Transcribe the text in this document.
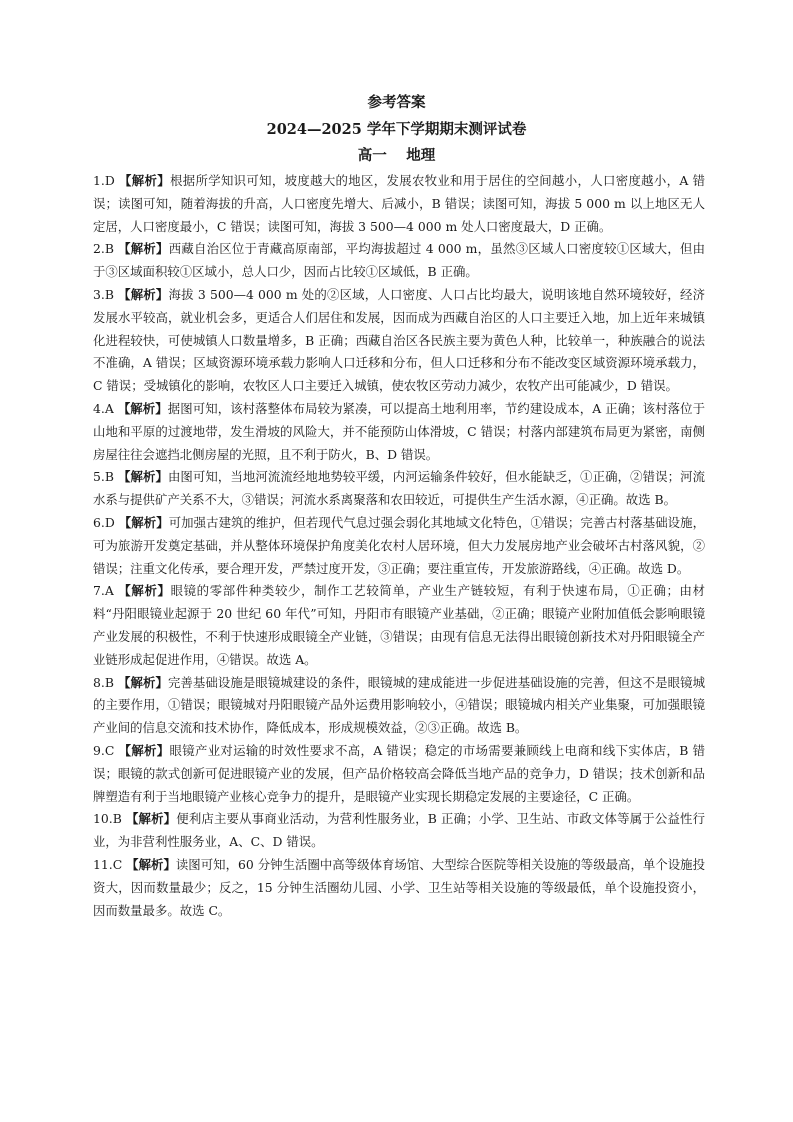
参考答案
2024—2025 学年下学期期末测评试卷
高一　 地理

1.D 【解析】根据所学知识可知，坡度越大的地区，发展农牧业和用于居住的空间越小，人口密度越小，A 错误；读图可知，随着海拔的升高，人口密度先增大、后减小，B 错误；读图可知，海拔 5 000 m 以上地区无人定居，人口密度最小，C 错误；读图可知，海拔 3 500—4 000 m 处人口密度最大，D 正确。

2.B 【解析】西藏自治区位于青藏高原南部，平均海拔超过 4 000 m，虽然③区域人口密度较①区域大，但由于③区域面积较①区域小，总人口少，因而占比较①区域低，B 正确。

3.B 【解析】海拔 3 500—4 000 m 处的②区域，人口密度、人口占比均最大，说明该地自然环境较好，经济发展水平较高，就业机会多，更适合人们居住和发展，因而成为西藏自治区的人口主要迁入地，加上近年来城镇化进程较快，可使城镇人口数量增多，B 正确；西藏自治区各民族主要为黄色人种，比较单一，种族融合的说法不准确，A 错误；区域资源环境承载力影响人口迁移和分布，但人口迁移和分布不能改变区域资源环境承载力，C 错误；受城镇化的影响，农牧区人口主要迁入城镇，使农牧区劳动力减少，农牧产出可能减少，D 错误。

4.A 【解析】据图可知，该村落整体布局较为紧凑，可以提高土地利用率，节约建设成本，A 正确；该村落位于山地和平原的过渡地带，发生滑坡的风险大，并不能预防山体滑坡，C 错误；村落内部建筑布局更为紧密，南侧房屋往往会遮挡北侧房屋的光照，且不利于防火，B、D 错误。

5.B 【解析】由图可知，当地河流流经地地势较平缓，内河运输条件较好，但水能缺乏，①正确，②错误；河流水系与提供矿产关系不大，③错误；河流水系离聚落和农田较近，可提供生产生活水源，④正确。故选 B。

6.D 【解析】可加强古建筑的维护，但若现代气息过强会弱化其地域文化特色，①错误；完善古村落基础设施，可为旅游开发奠定基础，并从整体环境保护角度美化农村人居环境，但大力发展房地产业会破坏古村落风貌，②错误；注重文化传承，要合理开发，严禁过度开发，③正确；要注重宣传，开发旅游路线，④正确。故选 D。

7.A 【解析】眼镜的零部件种类较少，制作工艺较简单，产业生产链较短，有利于快速布局，①正确；由材料“丹阳眼镜业起源于 20 世纪 60 年代”可知，丹阳市有眼镜产业基础，②正确；眼镜产业附加值低会影响眼镜产业发展的积极性，不利于快速形成眼镜全产业链，③错误；由现有信息无法得出眼镜创新技术对丹阳眼镜全产业链形成起促进作用，④错误。故选 A。

8.B 【解析】完善基础设施是眼镜城建设的条件，眼镜城的建成能进一步促进基础设施的完善，但这不是眼镜城的主要作用，①错误；眼镜城对丹阳眼镜产品外运费用影响较小，④错误；眼镜城内相关产业集聚，可加强眼镜产业间的信息交流和技术协作，降低成本，形成规模效益，②③正确。故选 B。

9.C 【解析】眼镜产业对运输的时效性要求不高，A 错误；稳定的市场需要兼顾线上电商和线下实体店，B 错误；眼镜的款式创新可促进眼镜产业的发展，但产品价格较高会降低当地产品的竞争力，D 错误；技术创新和品牌塑造有利于当地眼镜产业核心竞争力的提升，是眼镜产业实现长期稳定发展的主要途径，C 正确。

10.B 【解析】便利店主要从事商业活动，为营利性服务业，B 正确；小学、卫生站、市政文体等属于公益性行业，为非营利性服务业，A、C、D 错误。

11.C 【解析】读图可知，60 分钟生活圈中高等级体育场馆、大型综合医院等相关设施的等级最高，单个设施投资大，因而数量最少；反之，15 分钟生活圈幼儿园、小学、卫生站等相关设施的等级最低，单个设施投资小，因而数量最多。故选 C。
